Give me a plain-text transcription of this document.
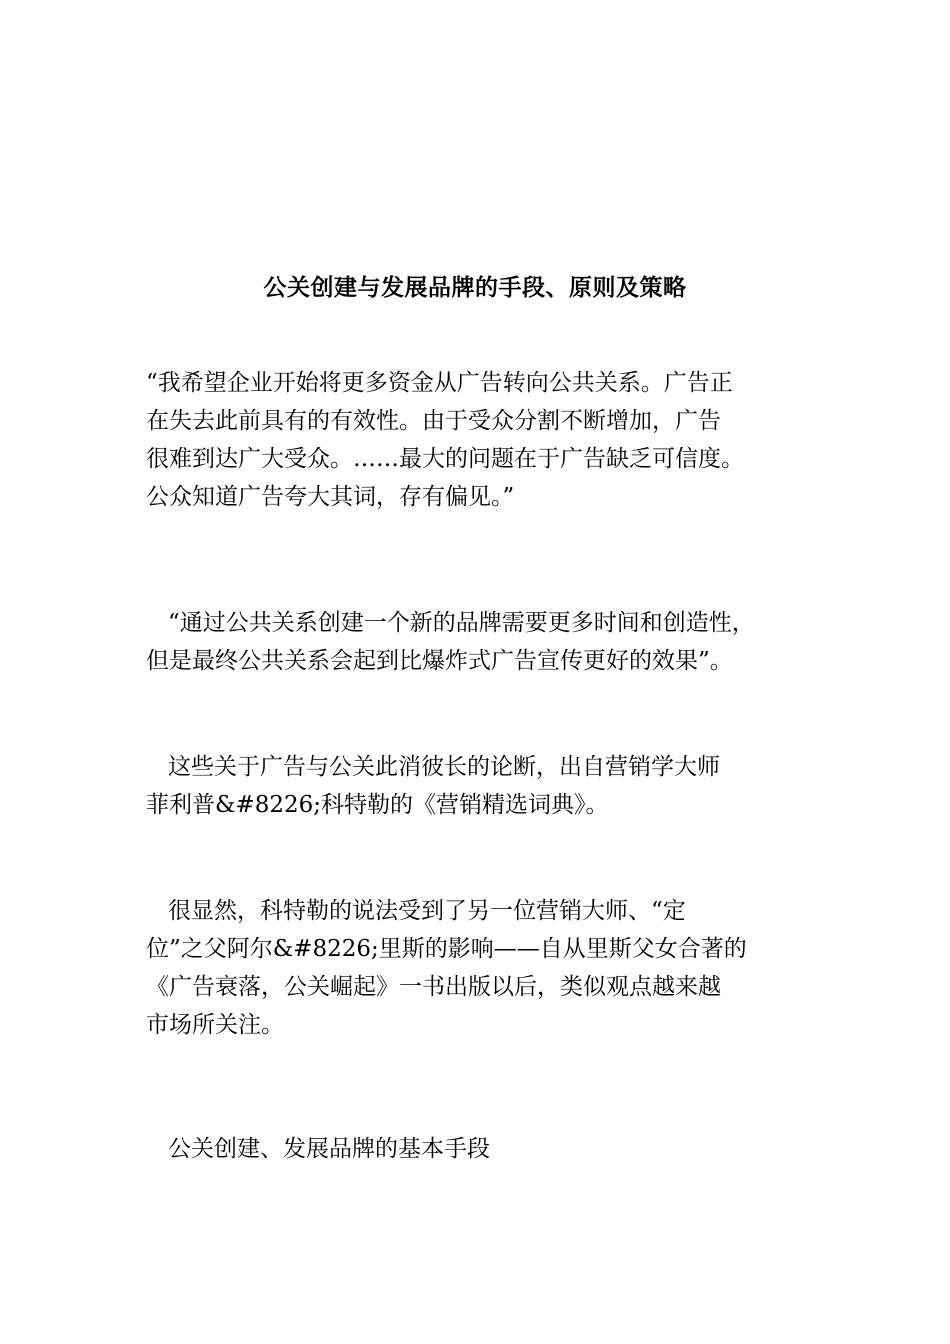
公关创建与发展品牌的手段、原则及策略
“我希望企业开始将更多资金从广告转向公共关系。广告正
在失去此前具有的有效性。由于受众分割不断增加，广告
很难到达广大受众。……最大的问题在于广告缺乏可信度。
公众知道广告夸大其词，存有偏见。”
“通过公共关系创建一个新的品牌需要更多时间和创造性，
但是最终公共关系会起到比爆炸式广告宣传更好的效果”。
这些关于广告与公关此消彼长的论断，出自营销学大师
菲利普&#8226;科特勒的《营销精选词典》。
很显然，科特勒的说法受到了另一位营销大师、“定
位”之父阿尔&#8226;里斯的影响——自从里斯父女合著的
《广告衰落，公关崛起》一书出版以后，类似观点越来越
市场所关注。
公关创建、发展品牌的基本手段
